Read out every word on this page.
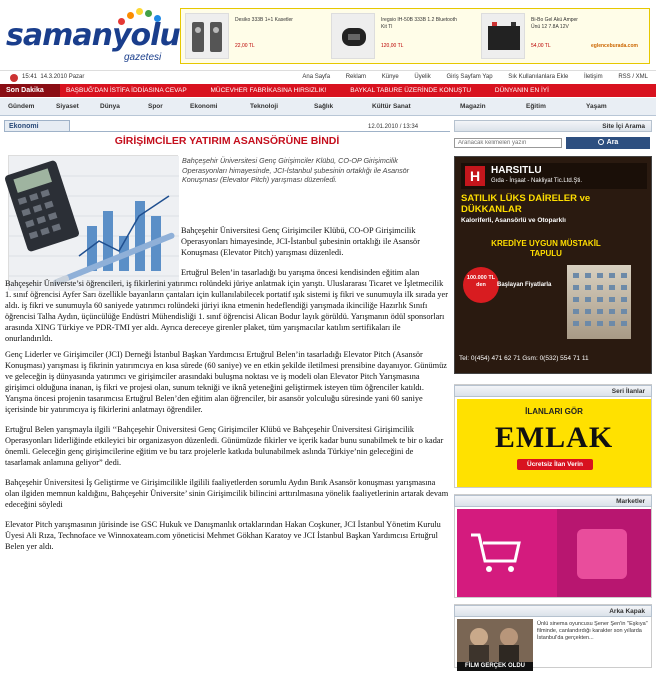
samanyolu
gazetesi
Desiko 333B 1+1 Kasetler
22,00 TL
Iregsio IH-50B 333B 1.2 Bluetooth Kit Tl
120,00 TL
Bi-Bo Gel Akü Amper Ünü 12 7.8A 12V
54,00 TL	eglenceburada.com
15:41 14.3.2010 Pazar	Ana Sayfa	Reklam	Künye	Üyelik	Giriş Sayfam Yap	Sık Kullanılanlara Ekle	İletişim	RSS / XML
Son Dakika	BAŞBUĞ'DAN İSTİFA İDDİASINA CEVAP	MÜCEVHER FABRİKASINA HIRSIZLIK!	BAYKAL TABURE ÜZERİNDE KONUŞTU	DÜNYANIN EN İYİ
Gündem	Siyaset	Dünya	Spor	Ekonomi	Teknoloji	Sağlık	Kültür Sanat	Magazin	Eğitim	Yaşam
Ekonomi	12.01.2010 / 13:34
GİRİŞİMCİLER YATIRIM ASANSÖRÜNE BİNDİ
Bahçeşehir Üniversitesi Genç Girişimciler Klübü, CO-OP Girişimcilik Operasyonları himayesinde, JCI-İstanbul şubesinin ortaklığı ile Asansör Konuşması (Elevator Pitch) yarışması düzenledi.

Bahçeşehir Üniversitesi Genç Girişimciler Klübü, CO-OP Girişimcilik Operasyonları himayesinde, JCI-İstanbul şubesinin ortaklığı ile Asansör Konuşması (Elevator Pitch) yarışması düzenledi.

Ertuğrul Belen’in tasarladığı bu yarışma öncesi kendisinden eğitim alan Bahçeşehir Üniverste’si öğrencileri, iş fikirlerini yatırımcı rolündeki jüriye anlatmak için yarıştı. Uluslararası Ticaret ve İşletmecilik 1. sınıf öğrencisi Ayfer Sarı özellikle bayanların çantaları için kullanılabilecek portatif ışık sistemi iş fikri ve sunumuyla ilk sırada yer aldı. iş fikri ve sunumuyla 60 saniyede yatırımcı rolündeki jüriyi ikna etmenin hedeflendiği yarışmada ikinciliğe Hazırlık Sınıfı öğrencisi Talha Aydın, üçüncülüğe Endüstri Mühendisliği 1. sınıf öğrencisi Alican Bodur layık görüldü. Yarışmanın ödül sponsorları arasında XING Türkiye ve PDR-TMI yer aldı. Ayrıca dereceye girenler plaket, tüm yarışmacılar katılım sertifikaları ile onurlandırıldı.

Genç Liderler ve Girişimciler (JCI) Derneği İstanbul Başkan Yardımcısı Ertuğrul Belen’in tasarladığı Elevator Pitch (Asansör Konuşması) yarışması iş fikrinin yatırımcıya en kısa sürede (60 saniye) ve en etkin şekilde iletilmesi prensibine dayanıyor. Günümüz ve geleceğin iş dünyasında yatırımcı ve girişimciler arasındaki buluşma noktası ve iş modeli olan Elevator Pitch Yarışmasına girişimci olduğuna inanan, iş fikri ve projesi olan, sunum tekniği ve iknâ yeteneğini geliştirmek isteyen tüm öğrenciler katıldı. Yarışma öncesi projenin tasarımcısı Ertuğrul Belen’den eğitim alan öğrenciler, bir asansör yolculuğu süresinde yani 60 saniye içerisinde bir yatırımcıya iş fikirlerini anlatmayı öğrendiler.

Ertuğrul Belen yarışmayla ilgili ‘‘Bahçeşehir Üniversitesi Genç Girişimciler Klübü ve Bahçeşehir Üniversitesi Girişimcilik Operasyonları liderliğinde etkileyici bir organizasyon düzenledi. Günümüzde fikirler ve içerik kadar bunu sunabilmek te bir o kadar önemli. Geleceğin genç girişimcilerine eğitim ve bu tarz projelerle katkıda bulunabilmek aslında Türkiye’nin geleceğini de tasarlamak anlamına geliyor” dedi.

Bahçeşehir Üniversitesi İş Geliştirme ve Girişimcilikle ilgilili faaliyetlerden sorumlu Aydın Bırık Asansör konuşması yarışmasına olan ilgiden memnun kaldığını, Bahçeşehir Üniversite’ sinin Girişimcilik bilincini arttırılmasına yönelik faaliyetlerinin artarak devam edeceğini söyledi

Elevator Pitch yarışmasının jürisinde ise GSC Hukuk ve Danışmanlık ortaklarından Hakan Coşkuner, JCI İstanbul Yönetim Kurulu Üyesi Ali Rıza, Technoface ve Winnoxateam.com yöneticisi Mehmet Gökhan Karatoy ve JCI İstanbul Başkan Yardımcısı Ertuğrul Belen yer aldı.

Site İçi Arama
Aranacak kelimeleri yazın
Ara
H	HARSITLU
Gıda - İnşaat - Nakliyat Tic.Ltd.Şti.
SATILIK LÜKS DAİRELER ve DÜKKANLAR
Kaloriferli, Asansörlü ve Otoparklı
KREDİYE UYGUN MÜSTAKİL TAPULU
100.000 TL den	Başlayan Fiyatlarla
Tel: 0(454) 471 62 71 Gsm: 0(532) 554 71 11
Seri İlanlar
İLANLARI GÖR
EMLAK
Ücretsiz İlan Verin
Marketler
Arka Kapak
FİLM GERÇEK OLDU
Ünlü sinema oyuncusu Şener Şen'in ''Eşkıya'' filminde, canlandırdığı karakter son yıllarda İstanbul'da gerçekten...
